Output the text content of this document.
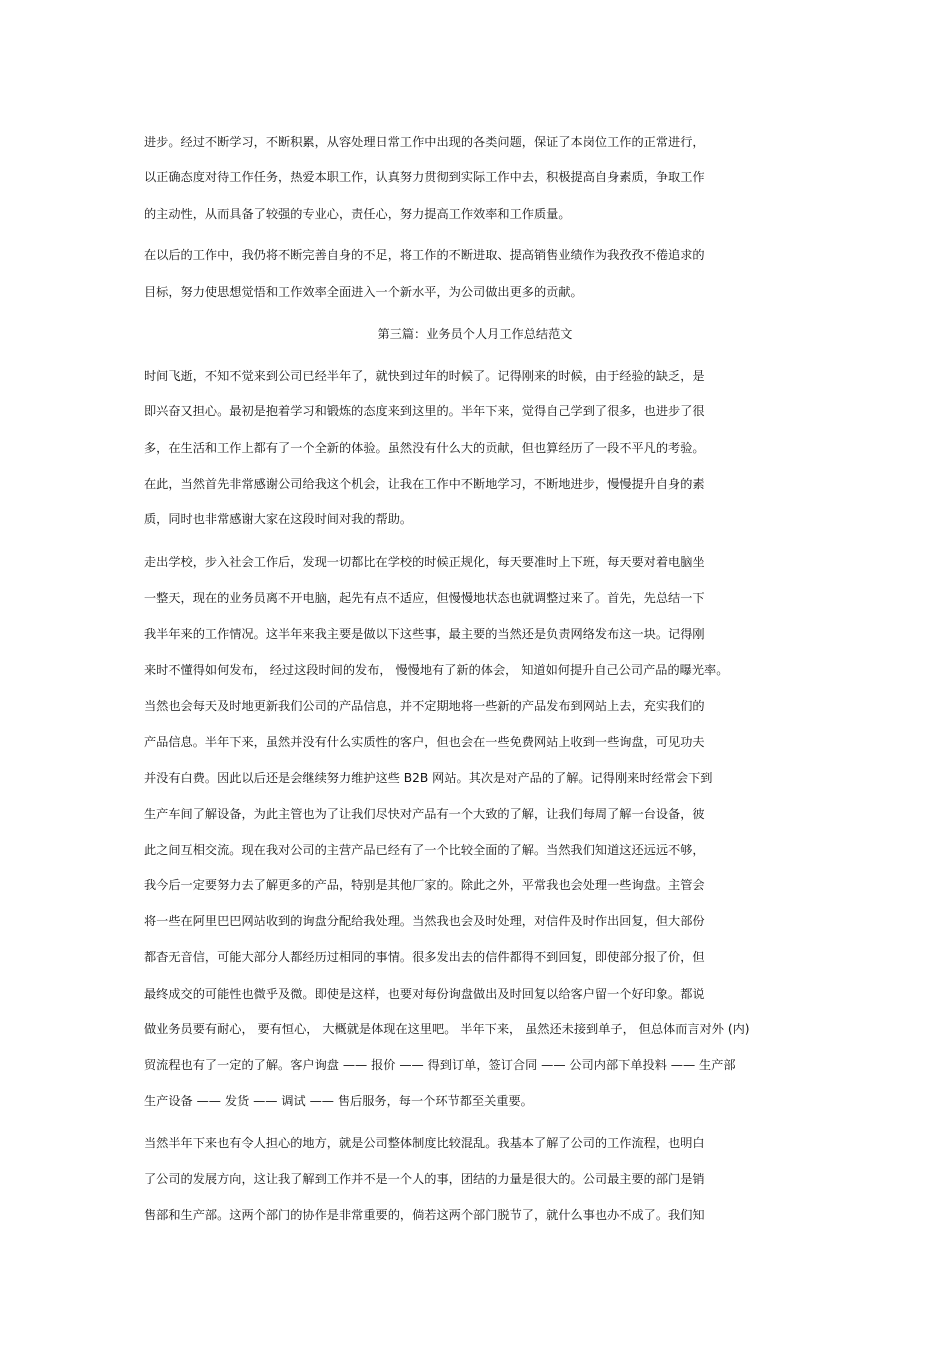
进步。经过不断学习，不断积累，从容处理日常工作中出现的各类问题，保证了本岗位工作的正常进行，
以正确态度对待工作任务，热爱本职工作，认真努力贯彻到实际工作中去，积极提高自身素质，争取工作
的主动性，从而具备了较强的专业心，责任心，努力提高工作效率和工作质量。
在以后的工作中，我仍将不断完善自身的不足，将工作的不断进取、提高销售业绩作为我孜孜不倦追求的
目标，努力使思想觉悟和工作效率全面进入一个新水平，为公司做出更多的贡献。
第三篇：业务员个人月工作总结范文
时间飞逝，不知不觉来到公司已经半年了，就快到过年的时候了。记得刚来的时候，由于经验的缺乏，是
即兴奋又担心。最初是抱着学习和锻炼的态度来到这里的。半年下来，觉得自己学到了很多，也进步了很
多，在生活和工作上都有了一个全新的体验。虽然没有什么大的贡献，但也算经历了一段不平凡的考验。
在此，当然首先非常感谢公司给我这个机会，让我在工作中不断地学习，不断地进步，慢慢提升自身的素
质，同时也非常感谢大家在这段时间对我的帮助。
走出学校，步入社会工作后，发现一切都比在学校的时候正规化，每天要准时上下班，每天要对着电脑坐
一整天，现在的业务员离不开电脑，起先有点不适应，但慢慢地状态也就调整过来了。首先，先总结一下
我半年来的工作情况。这半年来我主要是做以下这些事，最主要的当然还是负责网络发布这一块。记得刚
来时不懂得如何发布， 经过这段时间的发布， 慢慢地有了新的体会， 知道如何提升自己公司产品的曝光率。
当然也会每天及时地更新我们公司的产品信息，并不定期地将一些新的产品发布到网站上去，充实我们的
产品信息。半年下来，虽然并没有什么实质性的客户，但也会在一些免费网站上收到一些询盘，可见功夫
并没有白费。因此以后还是会继续努力维护这些 B2B 网站。其次是对产品的了解。记得刚来时经常会下到
生产车间了解设备，为此主管也为了让我们尽快对产品有一个大致的了解，让我们每周了解一台设备，彼
此之间互相交流。现在我对公司的主营产品已经有了一个比较全面的了解。当然我们知道这还远远不够，
我今后一定要努力去了解更多的产品，特别是其他厂家的。除此之外，平常我也会处理一些询盘。主管会
将一些在阿里巴巴网站收到的询盘分配给我处理。当然我也会及时处理，对信件及时作出回复，但大部份
都杳无音信，可能大部分人都经历过相同的事情。很多发出去的信件都得不到回复，即使部分报了价，但
最终成交的可能性也微乎及微。即使是这样，也要对每份询盘做出及时回复以给客户留一个好印象。都说
做业务员要有耐心， 要有恒心， 大概就是体现在这里吧。 半年下来， 虽然还未接到单子， 但总体而言对外 (内)
贸流程也有了一定的了解。客户询盘 —— 报价 —— 得到订单，签订合同 —— 公司内部下单投料 —— 生产部
生产设备 —— 发货 —— 调试 —— 售后服务，每一个环节都至关重要。
当然半年下来也有令人担心的地方，就是公司整体制度比较混乱。我基本了解了公司的工作流程，也明白
了公司的发展方向，这让我了解到工作并不是一个人的事，团结的力量是很大的。公司最主要的部门是销
售部和生产部。这两个部门的协作是非常重要的，倘若这两个部门脱节了，就什么事也办不成了。我们知
